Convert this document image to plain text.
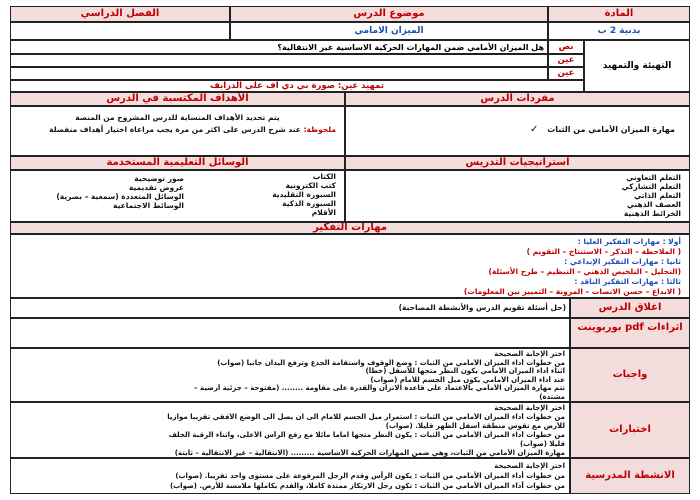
المادة
موضوع الدرس
الفصل الدراسي
بدنية 2 ب
الميزان الامامي
التهيئة والتمهيد
نص
عين
عين
هل الميزان الأمامي ضمن المهارات الحركية الاساسية غير الانتقالية؟
تمهيد عين: صورة بي دي اف على الدرايف
مفردات الدرس
الأهداف المكتسبة في الدرس
مهارة الميزان الأمامي من الثبات ✓
يتم تحديد الأهداف المنسابة للدرس المشروح من المنصة
ملحوظة: عند شرح الدرس على اكثر من مرة يجب مراعاة اختيار أهداف منفصلة
استراتيجيات التدريس
الوسائل التعليمية المستخدمة
التعلم التعاوني
التعلم التشاركي
التعلم الذاتي
العصف الذهني
الخرائط الذهنية
الكتاب
كتب الكترونية
السبورة التقليدية
السبورة الذكية
الأقلام
صور توضيحية
عروض تقديمية
الوسائل المتعددة (سمعية – بصرية)
الوسائط الاجتماعية
مهارات التفكير
أولا : مهارات التفكير العليا :
( الملاحظة – التذكر – الاستنتاج – التقويم )
ثانيا : مهارات التفكير الإبداعي :
(التحليل – التلخيص الذهني – التنظيم – طرح الأسئلة)
ثالثا : مهارات التفكير الناقد :
( الابداع – حسن الانصات – المرونة – التمييز بين المعلومات)
اغلاق الدرس
(حل أسئلة تقويم الدرس والأنشطة المصاحبة)
اثراءات pdf بوربوينت
واجبات
اختر الإجابة الصحيحة
من خطوات أداء الميزان الأمامي من الثبات : وضع الوقوف واستقامة الجذع وترفع اليدان جانبا (صواب)
اثناء أداء الميزان الأمامي يكون النظر متجها للأسفل (خطأ)
عند أداء الميزان الأمامي يكون ميل الجسم للأمام (صواب)
تتم مهارة الميزان الأمامي بالاعتماد على قاعدة الاتزان والقدرة على مقاومة ........ (مفتوحة – جزئية أرضية –
مشتدة)
اختبارات
اختر الإجابة الصحيحة
من خطوات أداء الميزان الأمامي من الثبات : استمرار ميل الجسم للامام الى ان يصل الى الوضع الأفقي تقريبا موازيا
للأرض مع تقوس منطقة أسفل الظهر قليلا. (صواب)
من خطوات أداء الميزان الأمامي من الثبات : يكون النظر متجها اماما مائلا مع رفع الرأس الأعلى، واثناء الرقبة الخلف
قليلا (صواب)
مهارة الميزان الأمامي من الثبات، وهي ضمن المهارات الحركية الأساسية ......... (الانتقالية – غير الانتقالية – ثابتة)
الانشطة المدرسية
اختر الإجابة الصحيحة
من خطوات أداء الميزان الأمامي من الثبات : يكون الرأس وقدم الرجل المرفوعة على مستوى واحد تقريبا. (صواب)
من خطوات أداء الميزان الأمامي من الثبات : تكون رجل الارتكاز ممتدة كاملا، والقدم بكاملها ملامسة للأرض. (صواب)
